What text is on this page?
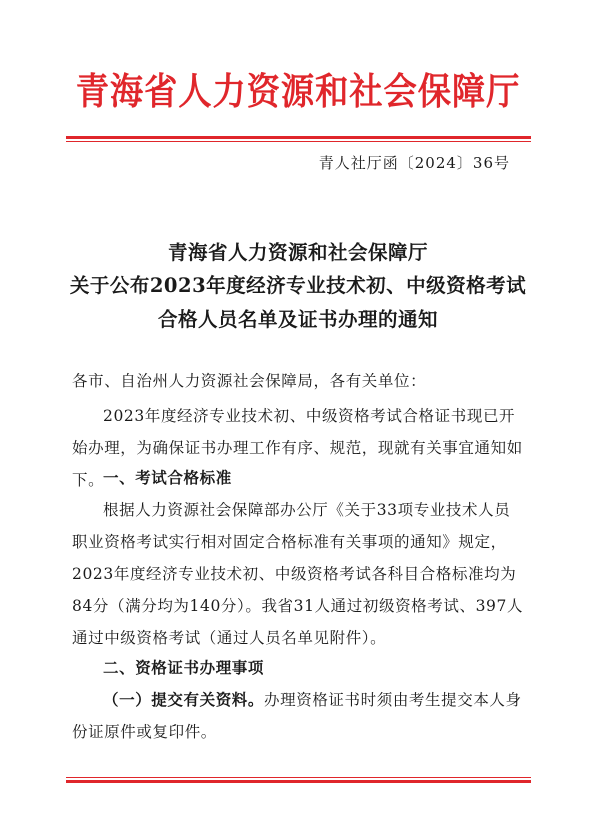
青海省人力资源和社会保障厅
青人社厅函〔2024〕36号
青海省人力资源和社会保障厅
关于公布2023年度经济专业技术初、中级资格考试
合格人员名单及证书办理的通知
各市、自治州人力资源社会保障局，各有关单位：
2023年度经济专业技术初、中级资格考试合格证书现已开始办理，为确保证书办理工作有序、规范，现就有关事宜通知如下。
一、考试合格标准
根据人力资源社会保障部办公厅《关于33项专业技术人员职业资格考试实行相对固定合格标准有关事项的通知》规定，2023年度经济专业技术初、中级资格考试各科目合格标准均为84分（满分均为140分）。我省31人通过初级资格考试、397人通过中级资格考试（通过人员名单见附件）。
二、资格证书办理事项
（一）提交有关资料。办理资格证书时须由考生提交本人身份证原件或复印件。
